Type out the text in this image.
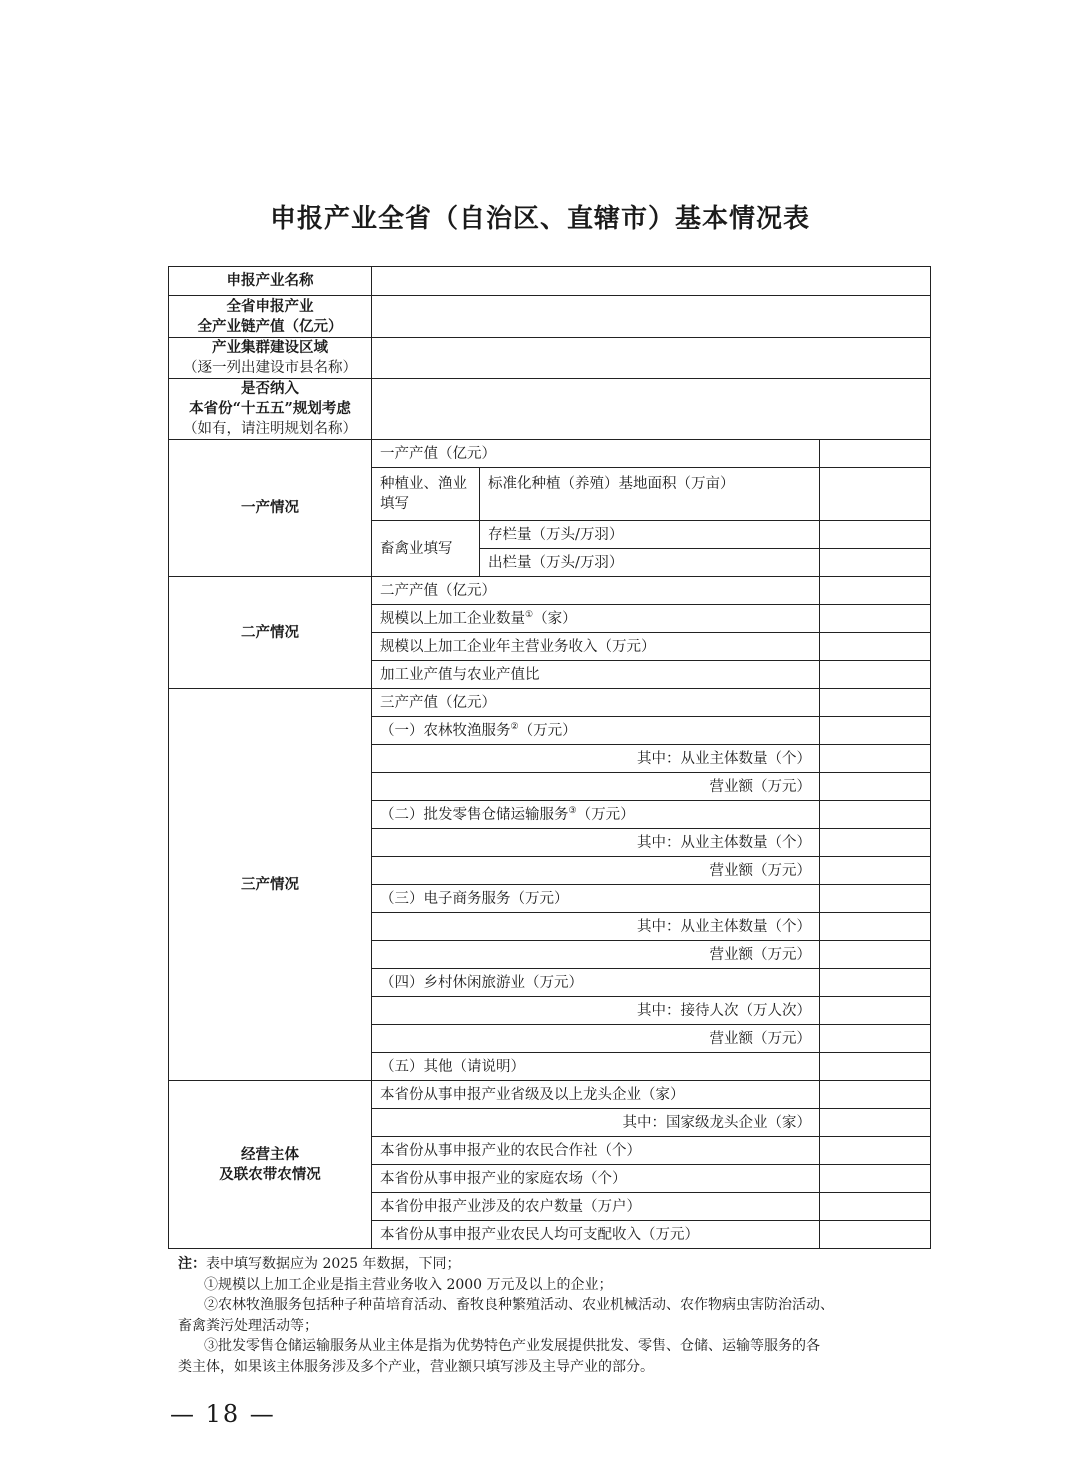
申报产业全省（自治区、直辖市）基本情况表
申报产业名称			
全省申报产业
全产业链产值（亿元）			
产业集群建设区域
（逐一列出建设市县名称）			

是否纳入
本省份“十五五”规划考虑
（如有，请注明规划名称）			

一产情况	一产产值（亿元）		
	种植业、渔业填写	标准化种植（养殖）基地面积（万亩）	
	畜禽业填写	存栏量（万头/万羽）	
		出栏量（万头/万羽）	
二产情况	二产产值（亿元）		
	规模以上加工企业数量①（家）		
	规模以上加工企业年主营业务收入（万元）		
	加工业产值与农业产值比		
三产情况	三产产值（亿元）		
	（一）农林牧渔服务②（万元）		
	其中：从业主体数量（个）		
	营业额（万元）		
	（二）批发零售仓储运输服务③（万元）		
	其中：从业主体数量（个）		
	营业额（万元）		
	（三）电子商务服务（万元）		
	其中：从业主体数量（个）		
	营业额（万元）		
	（四）乡村休闲旅游业（万元）		
	其中：接待人次（万人次）		
	营业额（万元）		
	（五）其他（请说明）		
经营主体
及联农带农情况	本省份从事申报产业省级及以上龙头企业（家）		
	其中：国家级龙头企业（家）		
	本省份从事申报产业的农民合作社（个）		
	本省份从事申报产业的家庭农场（个）		
	本省份申报产业涉及的农户数量（万户）		
	本省份从事申报产业农民人均可支配收入（万元）		

注：表中填写数据应为 2025 年数据，下同；

①规模以上加工企业是指主营业务收入 2000 万元及以上的企业；

②农林牧渔服务包括种子种苗培育活动、畜牧良种繁殖活动、农业机械活动、农作物病虫害防治活动、

畜禽粪污处理活动等；

③批发零售仓储运输服务从业主体是指为优势特色产业发展提供批发、零售、仓储、运输等服务的各

类主体，如果该主体服务涉及多个产业，营业额只填写涉及主导产业的部分。

— 18 —
